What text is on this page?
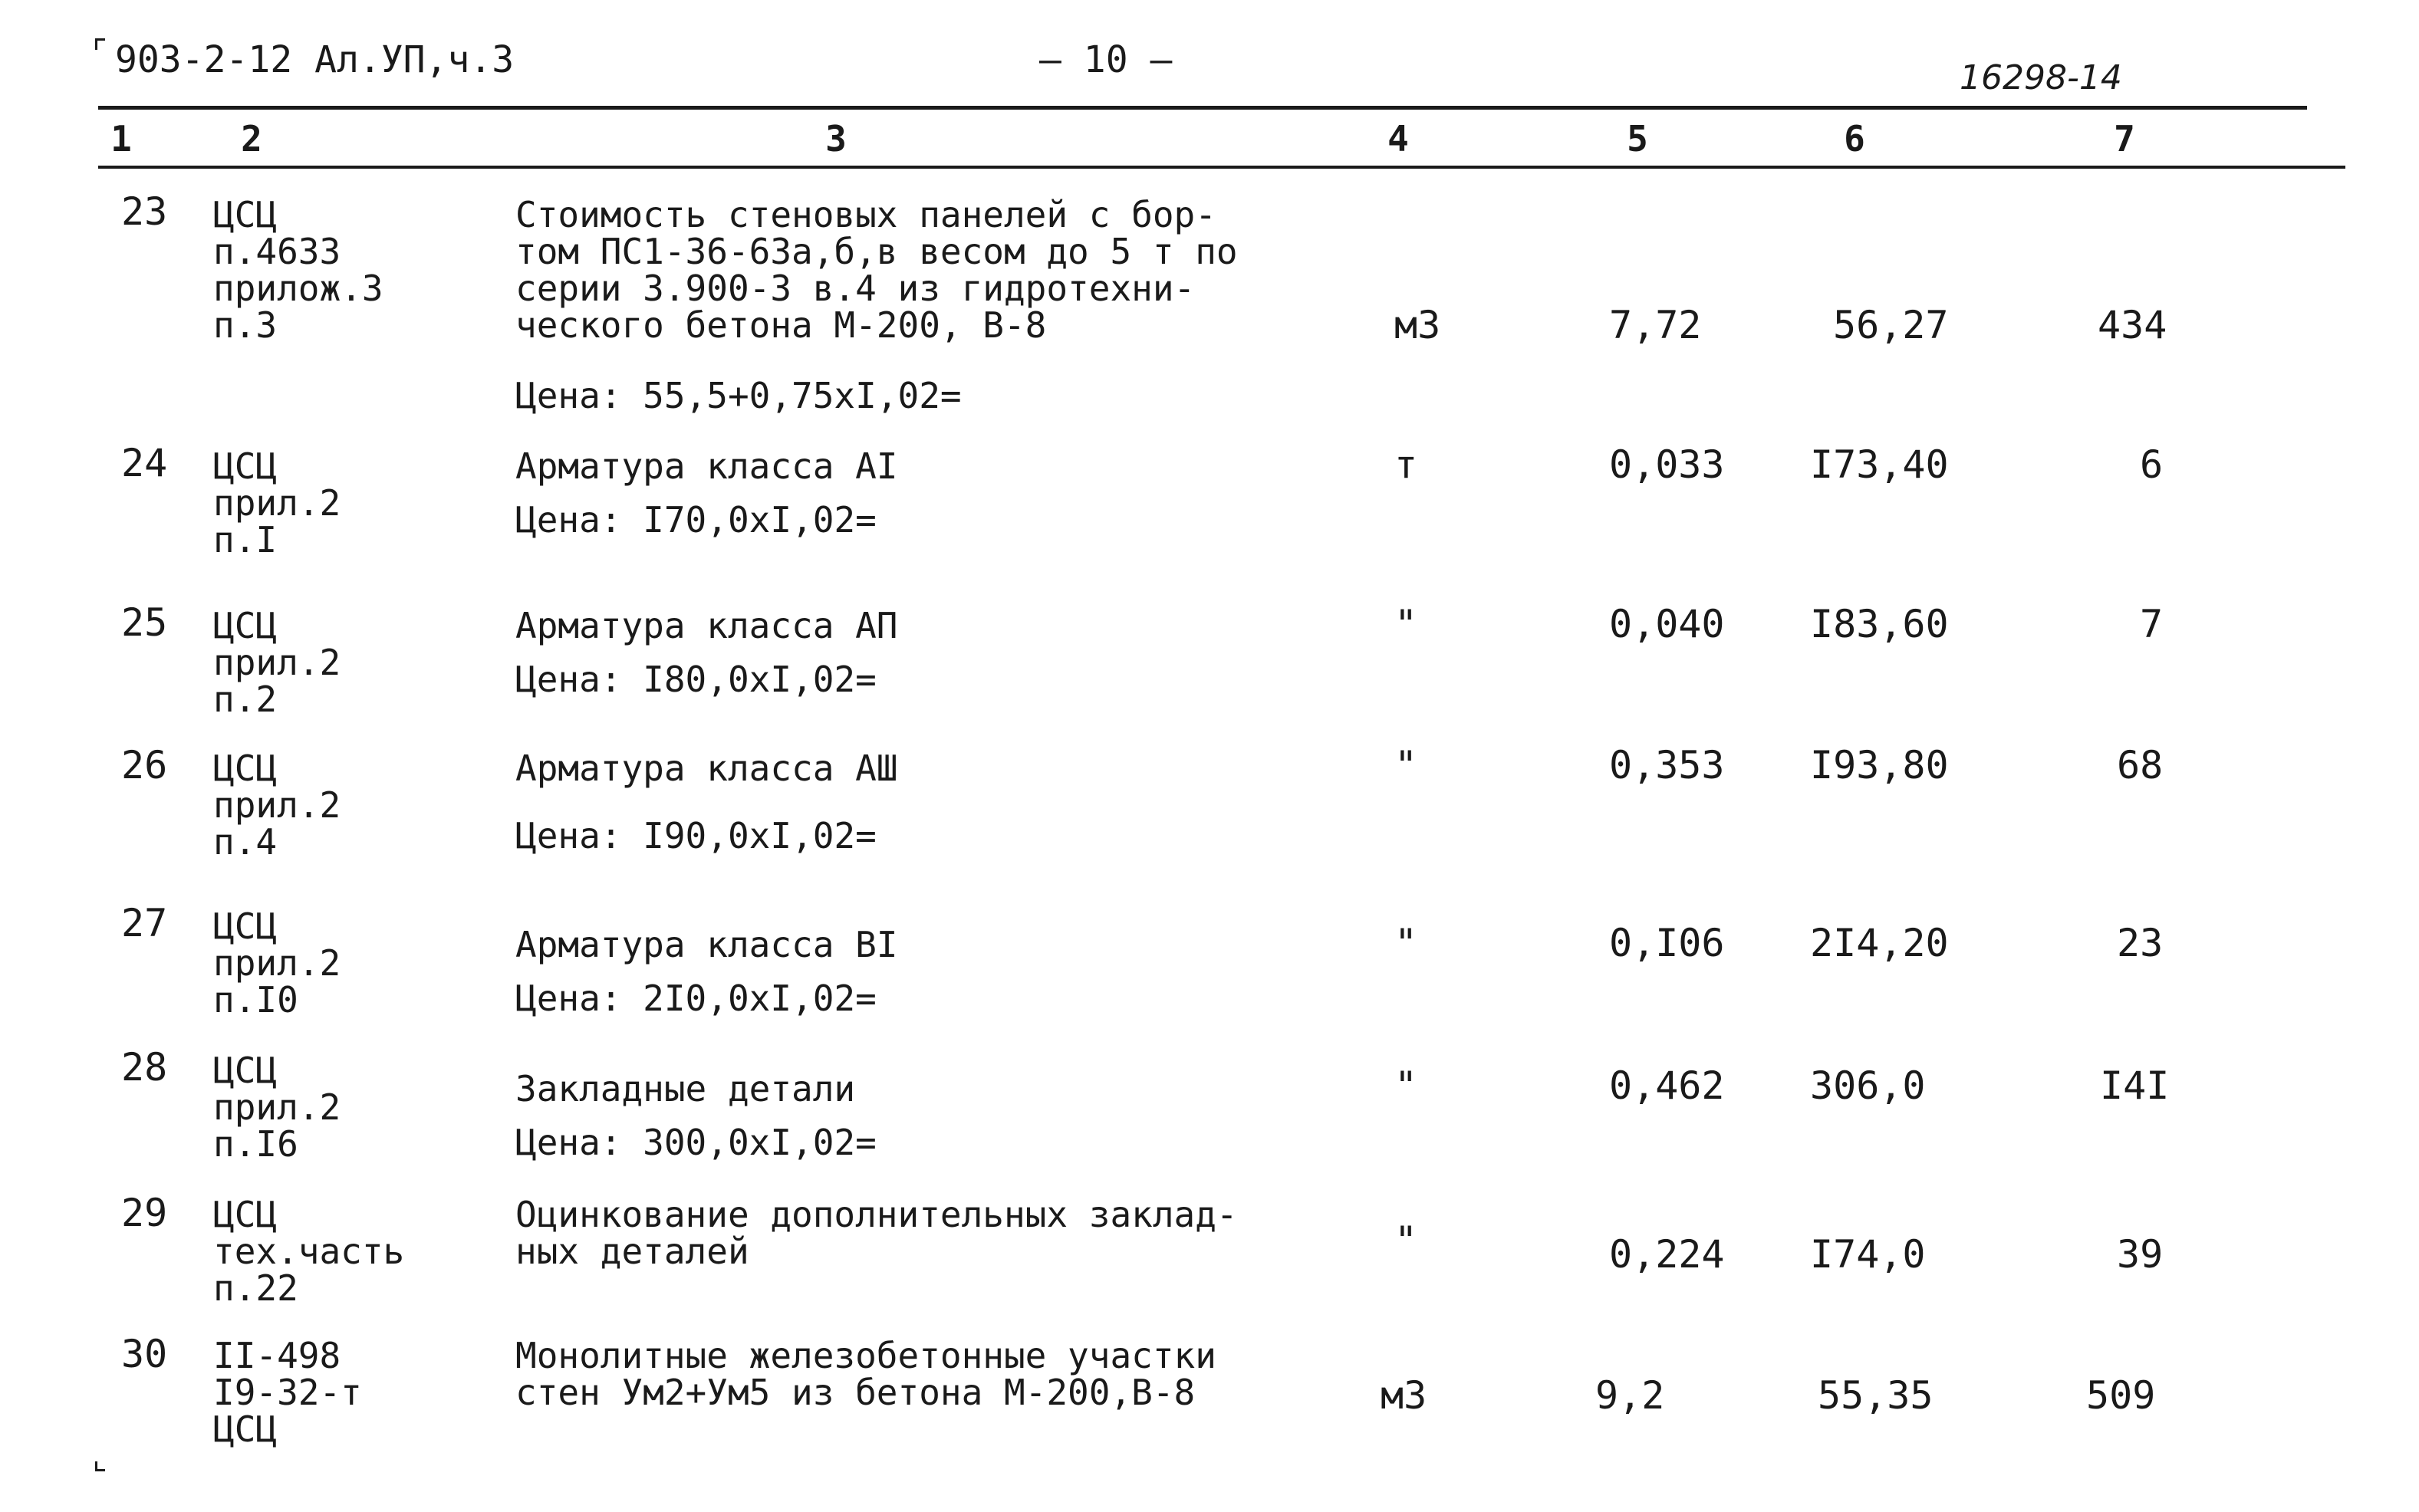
903-2-12 Ал.УП,ч.3	— 10 —	16298-14
1	2	3	4	5	6	7
23 ЦСЦ
п.4633
прилож.3
п.3
Стоимость стеновых панелей с бор-
том ПС1-36-63а,б,в весом до 5 т по
серии 3.900-3 в.4 из гидротехни-
ческого бетона М-200, В-8
Цена: 55,5+0,75xI,02=
м3	7,72	56,27	434
24 ЦСЦ
прил.2
п.I
Арматура класса AI
Цена: I70,0xI,02=
т	0,033 I73,40	6
25 ЦСЦ
прил.2
п.2
Арматура класса АП
Цена: I80,0xI,02=
"	0,040 I83,60	7
26 ЦСЦ
прил.2
п.4
Арматура класса АШ
Цена: I90,0xI,02=
"	0,353 I93,80	68
27 ЦСЦ
прил.2
п.I0
Арматура класса BI
Цена: 2I0,0xI,02=
"	0,I06 2I4,20	23
28 ЦСЦ
прил.2
п.I6
Закладные детали
Цена: 300,0xI,02=
"	0,462 306,0	I4I
29 ЦСЦ
тех.часть
п.22
Оцинкование дополнительных заклад-
ных деталей	"	0,224 I74,0	39
30 II-498
I9-32-т
ЦСЦ
Монолитные железобетонные участки
стен Ум2+Ум5 из бетона М-200,В-8	м3	9,2	55,35	509
